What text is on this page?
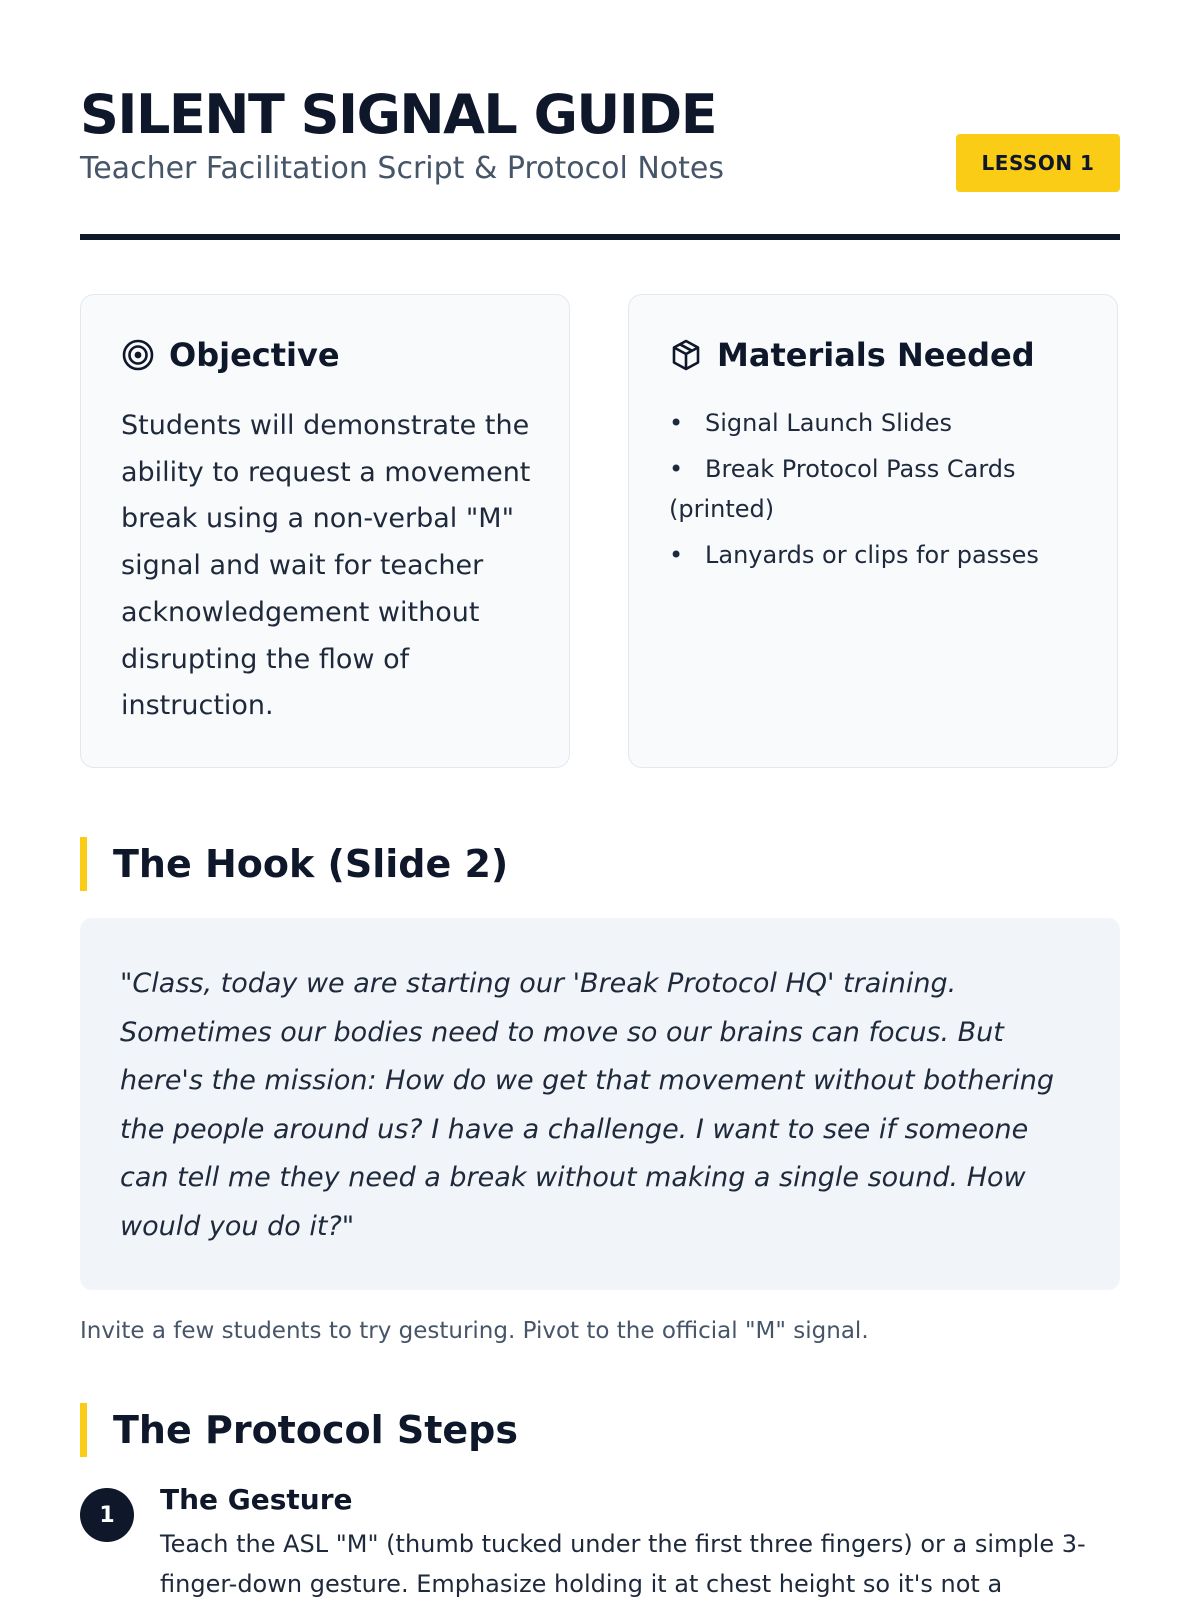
SILENT SIGNAL GUIDE
Teacher Facilitation Script & Protocol Notes	LESSON 1
Objective

Students will demonstrate the ability to request a movement break using a non-verbal "M" signal and wait for teacher acknowledgement without disrupting the flow of instruction.

Materials Needed
• Signal Launch Slides
• Break Protocol Pass Cards (printed)
• Lanyards or clips for passes
The Hook (Slide 2)

"Class, today we are starting our 'Break Protocol HQ' training. Sometimes our bodies need to move so our brains can focus. But here's the mission: How do we get that movement without bothering the people around us? I have a challenge. I want to see if someone can tell me they need a break without making a single sound. How would you do it?"

Invite a few students to try gesturing. Pivot to the official "M" signal.
The Protocol Steps
1	The Gesture

Teach the ASL "M" (thumb tucked under the first three fingers) or a simple 3-finger-down gesture. Emphasize holding it at chest height so it's not a
